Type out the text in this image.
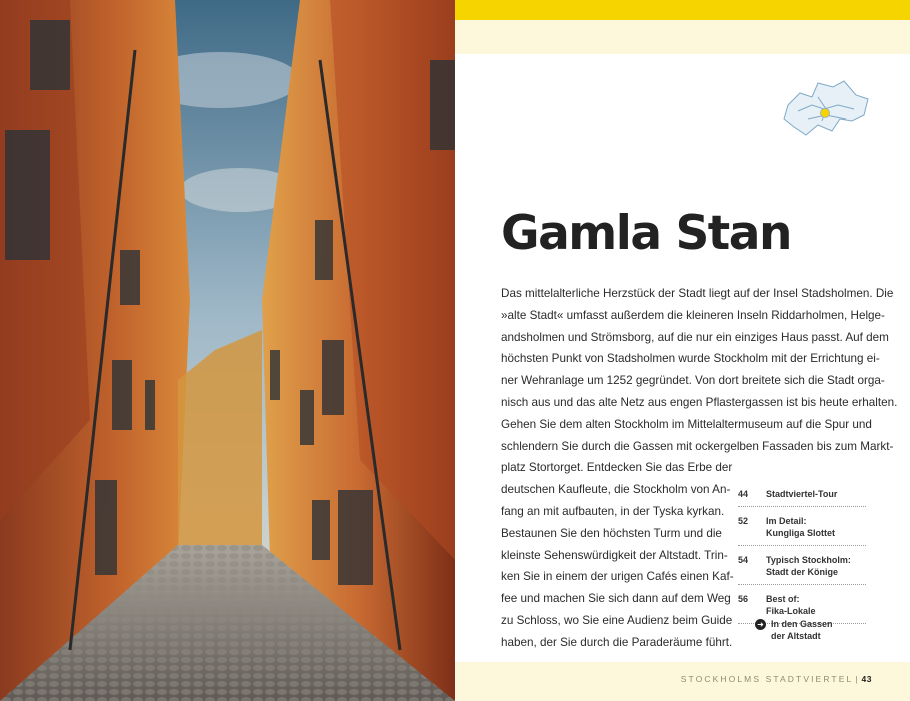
Gamla Stan
Das mittelalterliche Herzstück der Stadt liegt auf der Insel Stadsholmen. Die
»alte Stadt« umfasst außerdem die kleineren Inseln Riddarholmen, Helge-
andsholmen und Strömsborg, auf die nur ein einziges Haus passt. Auf dem
höchsten Punkt von Stadsholmen wurde Stockholm mit der Errichtung ei-
ner Wehranlage um 1252 gegründet. Von dort breitete sich die Stadt orga-
nisch aus und das alte Netz aus engen Pflastergassen ist bis heute erhalten.
Gehen Sie dem alten Stockholm im Mittelaltermuseum auf die Spur und
schlendern Sie durch die Gassen mit ockergelben Fassaden bis zum Markt-
platz Stortorget. Entdecken Sie das Erbe der
deutschen Kaufleute, die Stockholm von An-
fang an mit aufbauten, in der Tyska kyrkan.
Bestaunen Sie den höchsten Turm und die
kleinste Sehenswürdigkeit der Altstadt. Trin-
ken Sie in einem der urigen Cafés einen Kaf-
fee und machen Sie sich dann auf dem Weg
zu Schloss, wo Sie eine Audienz beim Guide
haben, der Sie durch die Paraderäume führt.
44	Stadtviertel-Tour
52	Im Detail:
Kungliga Slottet
54	Typisch Stockholm:
Stadt der Könige
56	Best of:
Fika-Lokale
➜ In den Gassen
der Altstadt
STOCKHOLMS STADTVIERTEL | 43
